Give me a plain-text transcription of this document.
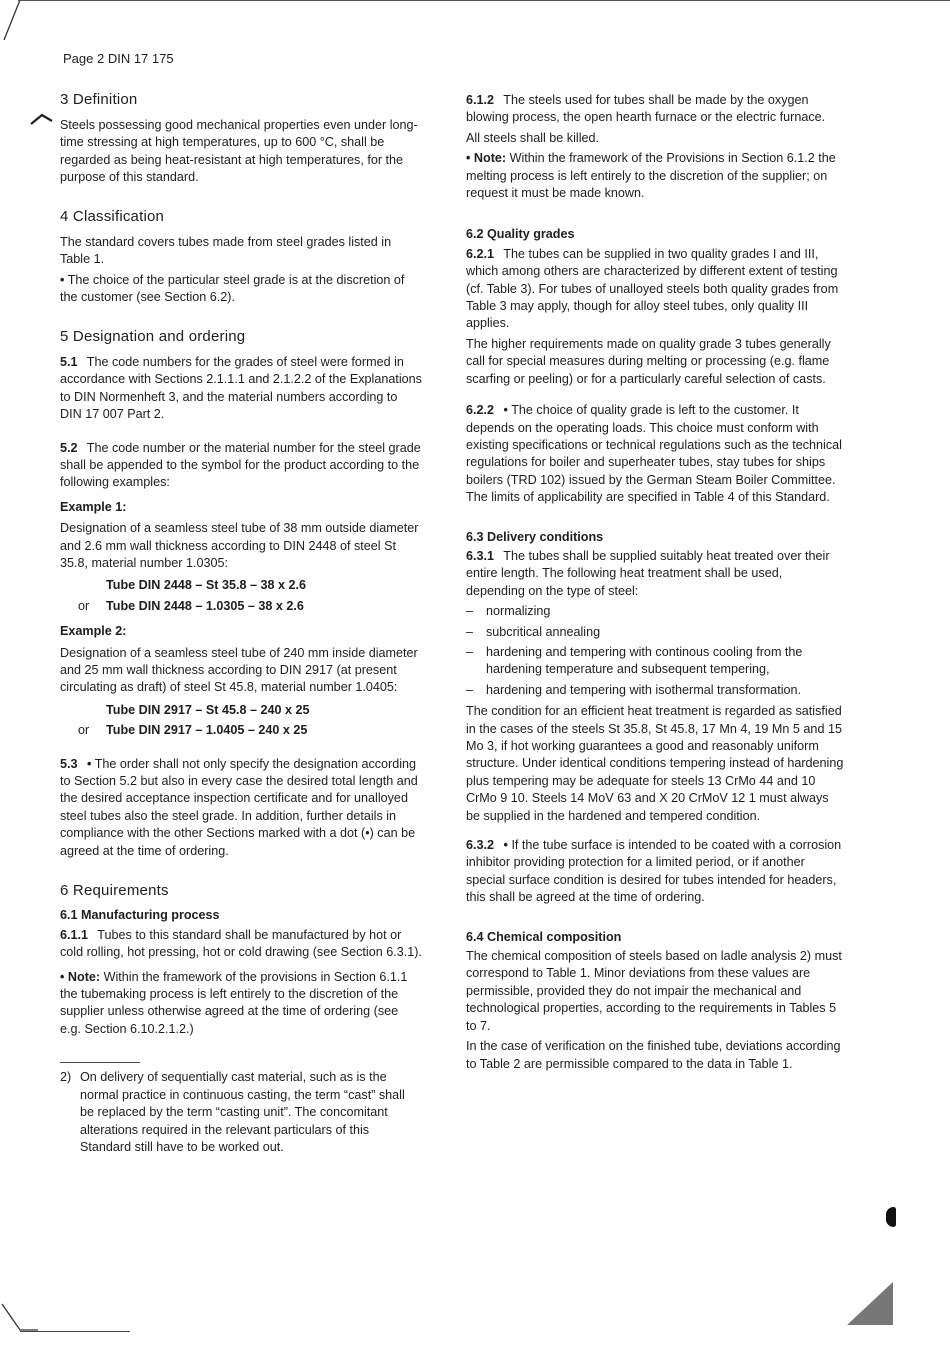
Page 2 DIN 17 175
3 Definition

Steels possessing good mechanical properties even under long-time stressing at high temperatures, up to 600 °C, shall be regarded as being heat-resistant at high temperatures, for the purpose of this standard.

4 Classification

The standard covers tubes made from steel grades listed in Table 1.

• The choice of the particular steel grade is at the discretion of the customer (see Section 6.2).

5 Designation and ordering

5.1 The code numbers for the grades of steel were formed in accordance with Sections 2.1.1.1 and 2.1.2.2 of the Explanations to DIN Normenheft 3, and the material numbers according to DIN 17 007 Part 2.

5.2 The code number or the material number for the steel grade shall be appended to the symbol for the product according to the following examples:

Example 1:

Designation of a seamless steel tube of 38 mm outside diameter and 2.6 mm wall thickness according to DIN 2448 of steel St 35.8, material number 1.0305:

Tube DIN 2448 – St 35.8 – 38 x 2.6
or Tube DIN 2448 – 1.0305 – 38 x 2.6
Example 2:

Designation of a seamless steel tube of 240 mm inside diameter and 25 mm wall thickness according to DIN 2917 (at present circulating as draft) of steel St 45.8, material number 1.0405:

Tube DIN 2917 – St 45.8 – 240 x 25
or Tube DIN 2917 – 1.0405 – 240 x 25

5.3 • The order shall not only specify the designation according to Section 5.2 but also in every case the desired total length and the desired acceptance inspection certificate and for unalloyed steel tubes also the steel grade. In addition, further details in compliance with the other Sections marked with a dot (•) can be agreed at the time of ordering.

6 Requirements
6.1 Manufacturing process

6.1.1 Tubes to this standard shall be manufactured by hot or cold rolling, hot pressing, hot or cold drawing (see Section 6.3.1).

• Note: Within the framework of the provisions in Section 6.1.1 the tubemaking process is left entirely to the discretion of the supplier unless otherwise agreed at the time of ordering (see e.g. Section 6.10.2.1.2.)

2) On delivery of sequentially cast material, such as is the normal practice in continuous casting, the term “cast” shall be replaced by the term “casting unit”. The concomitant alterations required in the relevant particulars of this Standard still have to be worked out.

6.1.2 The steels used for tubes shall be made by the oxygen blowing process, the open hearth furnace or the electric furnace.

All steels shall be killed.

• Note: Within the framework of the Provisions in Section 6.1.2 the melting process is left entirely to the discretion of the supplier; on request it must be made known.

6.2 Quality grades

6.2.1 The tubes can be supplied in two quality grades I and III, which among others are characterized by different extent of testing (cf. Table 3). For tubes of unalloyed steels both quality grades from Table 3 may apply, though for alloy steel tubes, only quality III applies.

The higher requirements made on quality grade 3 tubes generally call for special measures during melting or processing (e.g. flame scarfing or peeling) or for a particularly careful selection of casts.

6.2.2 • The choice of quality grade is left to the customer. It depends on the operating loads. This choice must conform with existing specifications or technical regulations such as the technical regulations for boiler and superheater tubes, stay tubes for ships boilers (TRD 102) issued by the German Steam Boiler Committee. The limits of applicability are specified in Table 4 of this Standard.

6.3 Delivery conditions

6.3.1 The tubes shall be supplied suitably heat treated over their entire length. The following heat treatment shall be used, depending on the type of steel:

– normalizing
– subcritical annealing
– hardening and tempering with continous cooling from the hardening temperature and subsequent tempering,
– hardening and tempering with isothermal transformation.

The condition for an efficient heat treatment is regarded as satisfied in the cases of the steels St 35.8, St 45.8, 17 Mn 4, 19 Mn 5 and 15 Mo 3, if hot working guarantees a good and reasonably uniform structure. Under identical conditions tempering instead of hardening plus tempering may be adequate for steels 13 CrMo 44 and 10 CrMo 9 10. Steels 14 MoV 63 and X 20 CrMoV 12 1 must always be supplied in the hardened and tempered condition.

6.3.2 • If the tube surface is intended to be coated with a corrosion inhibitor providing protection for a limited period, or if another special surface condition is desired for tubes intended for headers, this shall be agreed at the time of ordering.

6.4 Chemical composition

The chemical composition of steels based on ladle analysis 2) must correspond to Table 1. Minor deviations from these values are permissible, provided they do not impair the mechanical and technological properties, according to the requirements in Tables 5 to 7.

In the case of verification on the finished tube, deviations according to Table 2 are permissible compared to the data in Table 1.
